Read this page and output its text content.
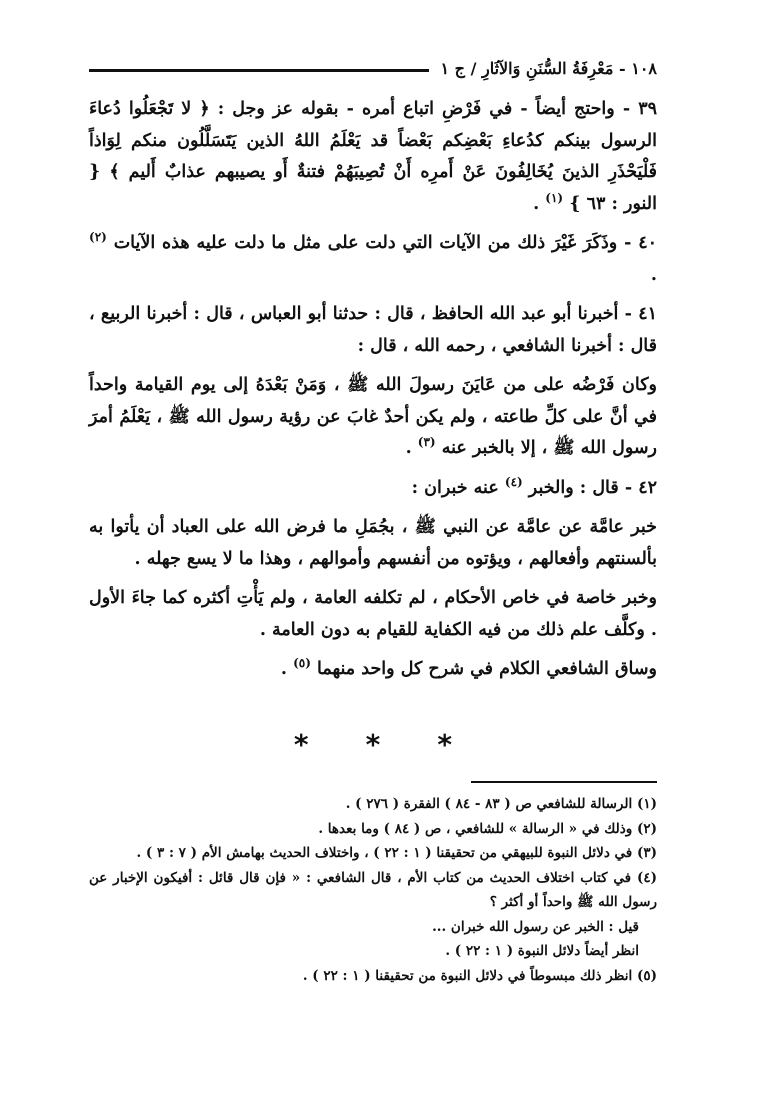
١٠٨ - مَعْرِفَةُ السُّنَنِ وَالآثَارِ / ج ١

٣٩ - واحتج أيضاً - في فَرْضِ اتباع أمره - بقوله عز وجل : ﴿ لا تَجْعَلُوا دُعاءَ الرسول بينكم كدُعاءِ بَعْضِكم بَعْضاً قد يَعْلَمُ اللهُ الذين يَتَسَلَّلُون منكم لِوَاذاً فَلْيَحْذَرِ الذينَ يُخَالِفُونَ عَنْ أَمرِه أَنْ تُصِيبَهُمْ فتنةٌ أَو يصيبهم عذابٌ أَليم ﴾ { النور : ٦٣ } $^{(١)}$ .

٤٠ - وذَكَرَ غَيْرَ ذلك من الآيات التي دلت على مثل ما دلت عليه هذه الآيات $^{(٢)}$ .

٤١ - أخبرنا أبو عبد الله الحافظ ، قال : حدثنا أبو العباس ، قال : أخبرنا الربيع ، قال : أخبرنا الشافعي ، رحمه الله ، قال :

وكان فَرْضُه على من عَايَنَ رسولَ الله ﷺ ، وَمَنْ بَعْدَهُ إلى يوم القيامة واحداً في أنَّ على كلِّ طاعته ، ولم يكن أحدٌ غابَ عن رؤية رسول الله ﷺ ، يَعْلَمُ أمرَ رسول الله ﷺ ، إلا بالخبر عنه $^{(٣)}$ .

٤٢ - قال : والخبر $^{(٤)}$ عنه خبران :

خبر عامَّة عن عامَّة عن النبي ﷺ ، بجُمَلِ ما فرض الله على العباد أن يأتوا به بألسنتهم وأفعالهم ، ويؤتوه من أنفسهم وأموالهم ، وهذا ما لا يسع جهله .

وخبر خاصة في خاص الأحكام ، لم تكلفه العامة ، ولم يَأْتِ أكثره كما جاءَ الأول . وكلَّف علم ذلك من فيه الكفاية للقيام به دون العامة .

وساق الشافعي الكلام في شرح كل واحد منهما $^{(٥)}$ .

* * *

(١) الرسالة للشافعي ص ( ٨٣ - ٨٤ ) الفقرة ( ٢٧٦ ) .

(٢) وذلك في « الرسالة » للشافعي ، ص ( ٨٤ ) وما بعدها .

(٣) في دلائل النبوة للبيهقي من تحقيقنا ( ١ : ٢٢ ) ، واختلاف الحديث بهامش الأم ( ٧ : ٣ ) .

(٤) في كتاب اختلاف الحديث من كتاب الأم ، قال الشافعي : « فإن قال قائل : أفيكون الإخبار عن رسول الله ﷺ واحداً أو أكثر ؟

قيل : الخبر عن رسول الله خبران ...

انظر أيضاً دلائل النبوة ( ١ : ٢٢ ) .

(٥) انظر ذلك مبسوطاً في دلائل النبوة من تحقيقنا ( ١ : ٢٢ ) .
